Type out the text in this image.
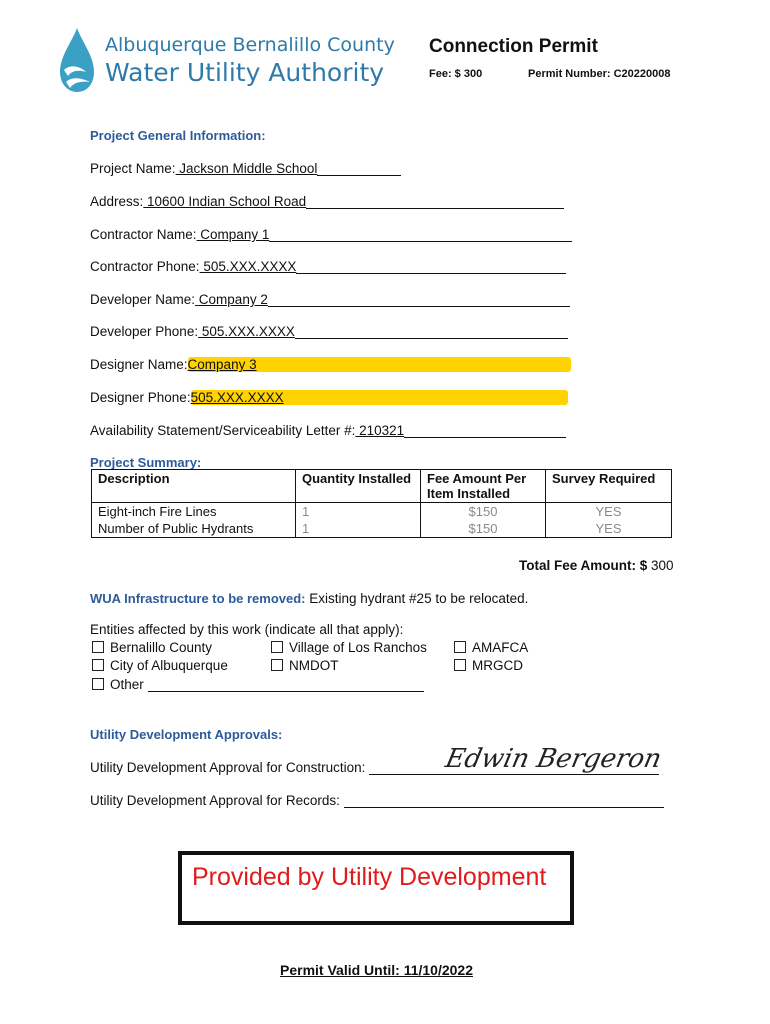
Albuquerque Bernalillo County
Water Utility Authority
Connection Permit
Fee: $ 300	Permit Number: C20220008
Project General Information:
Project Name: Jackson Middle School
Address: 10600 Indian School Road
Contractor Name: Company 1
Contractor Phone: 505.XXX.XXXX
Developer Name: Company 2
Developer Phone: 505.XXX.XXXX
Designer Name:Company 3
Designer Phone:505.XXX.XXXX
Availability Statement/Serviceability Letter #: 210321
Project Summary:
Description	Quantity Installed	Fee Amount Per Item Installed	Survey Required
Eight-inch Fire Lines	1	$150	YES
Number of Public Hydrants	1	$150	YES
Total Fee Amount: $ 300
WUA Infrastructure to be removed: Existing hydrant #25 to be relocated.
Entities affected by this work (indicate all that apply):
Bernalillo County	Village of Los Ranchos	AMAFCA
City of Albuquerque	NMDOT	MRGCD
Other
Utility Development Approvals:
Utility Development Approval for Construction:	Edwin Bergeron
Utility Development Approval for Records:
Provided by Utility Development
Permit Valid Until: 11/10/2022
